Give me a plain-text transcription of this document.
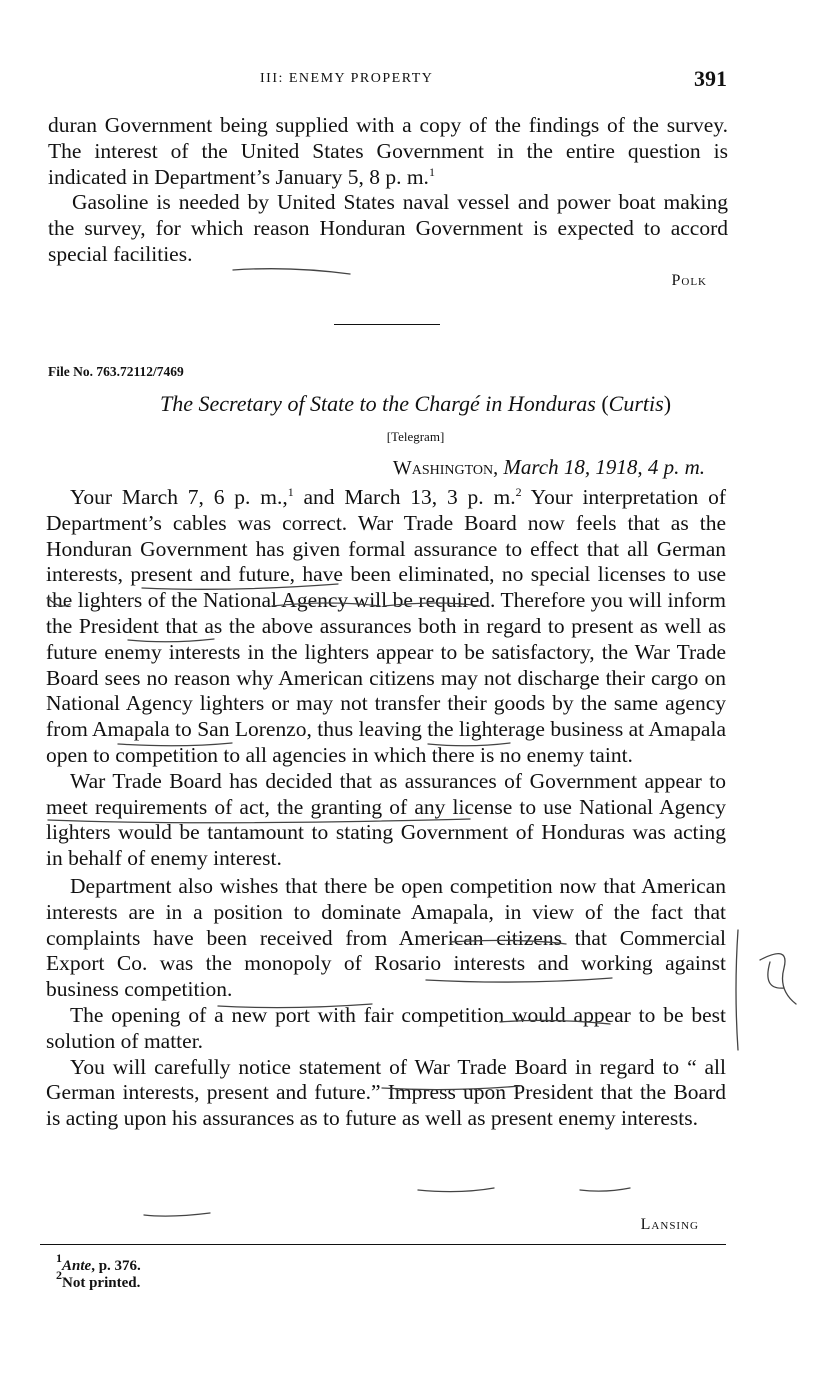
III: ENEMY PROPERTY	391

duran Government being supplied with a copy of the findings of the survey. The interest of the United States Government in the entire question is indicated in Department’s January 5, 8 p. m.$^1$

Gasoline is needed by United States naval vessel and power boat making the survey, for which reason Honduran Government is expected to accord special facilities.

Polk
File No. 763.72112/7469
The Secretary of State to the Chargé in Honduras (Curtis)
[Telegram]
Washington, March 18, 1918, 4 p. m.

Your March 7, 6 p. m.,$^1$ and March 13, 3 p. m.$^2$ Your interpretation of Department’s cables was correct. War Trade Board now feels that as the Honduran Government has given formal assurance to effect that all German interests, present and future, have been eliminated, no special licenses to use the lighters of the National Agency will be required. Therefore you will inform the President that as the above assurances both in regard to present as well as future enemy interests in the lighters appear to be satisfactory, the War Trade Board sees no reason why American citizens may not discharge their cargo on National Agency lighters or may not transfer their goods by the same agency from Amapala to San Lorenzo, thus leaving the lighterage business at Amapala open to competition to all agencies in which there is no enemy taint.

War Trade Board has decided that as assurances of Government appear to meet requirements of act, the granting of any license to use National Agency lighters would be tantamount to stating Government of Honduras was acting in behalf of enemy interest.

Department also wishes that there be open competition now that American interests are in a position to dominate Amapala, in view of the fact that complaints have been received from American citizens that Commercial Export Co. was the monopoly of Rosario interests and working against business competition.

The opening of a new port with fair competition would appear to be best solution of matter.

You will carefully notice statement of War Trade Board in regard to “ all German interests, present and future.” Impress upon President that the Board is acting upon his assurances as to future as well as present enemy interests.

Lansing
$^1$Ante, p. 376.
$^2$Not printed.
